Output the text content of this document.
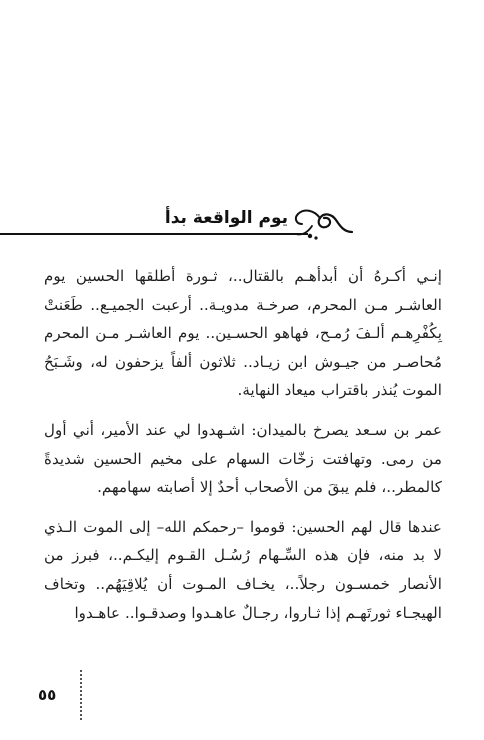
يوم الواقعة بدأ

إنـي أكـرهُ أن أبدأهـم بالقتال..، ثـورة أطلقها الحسين يوم العاشـر مـن المحرم، صرخـة مدويـة.. أرعبت الجميـع.. طَعَنتْ بِكُفْرِهـم ألـفَ رُمـح، فهاهو الحسـين.. يوم العاشـر مـن المحرم مُحاصـر من جيـوش ابن زيـاد.. ثلاثون ألفاً يزحفون له، وشَـبَحُ الموت يُنذر باقتراب ميعاد النهاية.

عمر بن سـعد يصرخ بالميدان: اشـهدوا لي عند الأمير، أني أول من رمى. وتهافتت زخّات السهام على مخيم الحسين شديدةً كالمطر..، فلم يبقَ من الأصحاب أحدٌ إلا أصابته سهامهم.

عندها قال لهم الحسين: قوموا –رحمكم الله– إلى الموت الـذي لا بد منه، فإن هذه السِّـهام رُسُـل القـوم إليكـم..، فبرز من الأنصار خمسـون رجلاً..، يخـاف المـوت أن يُلاقِيَهُم.. وتخاف الهيجـاء ثورتَهـم إذا ثـاروا، رجـالٌ عاهـدوا وصدقـوا.. عاهـدوا

٥٥
